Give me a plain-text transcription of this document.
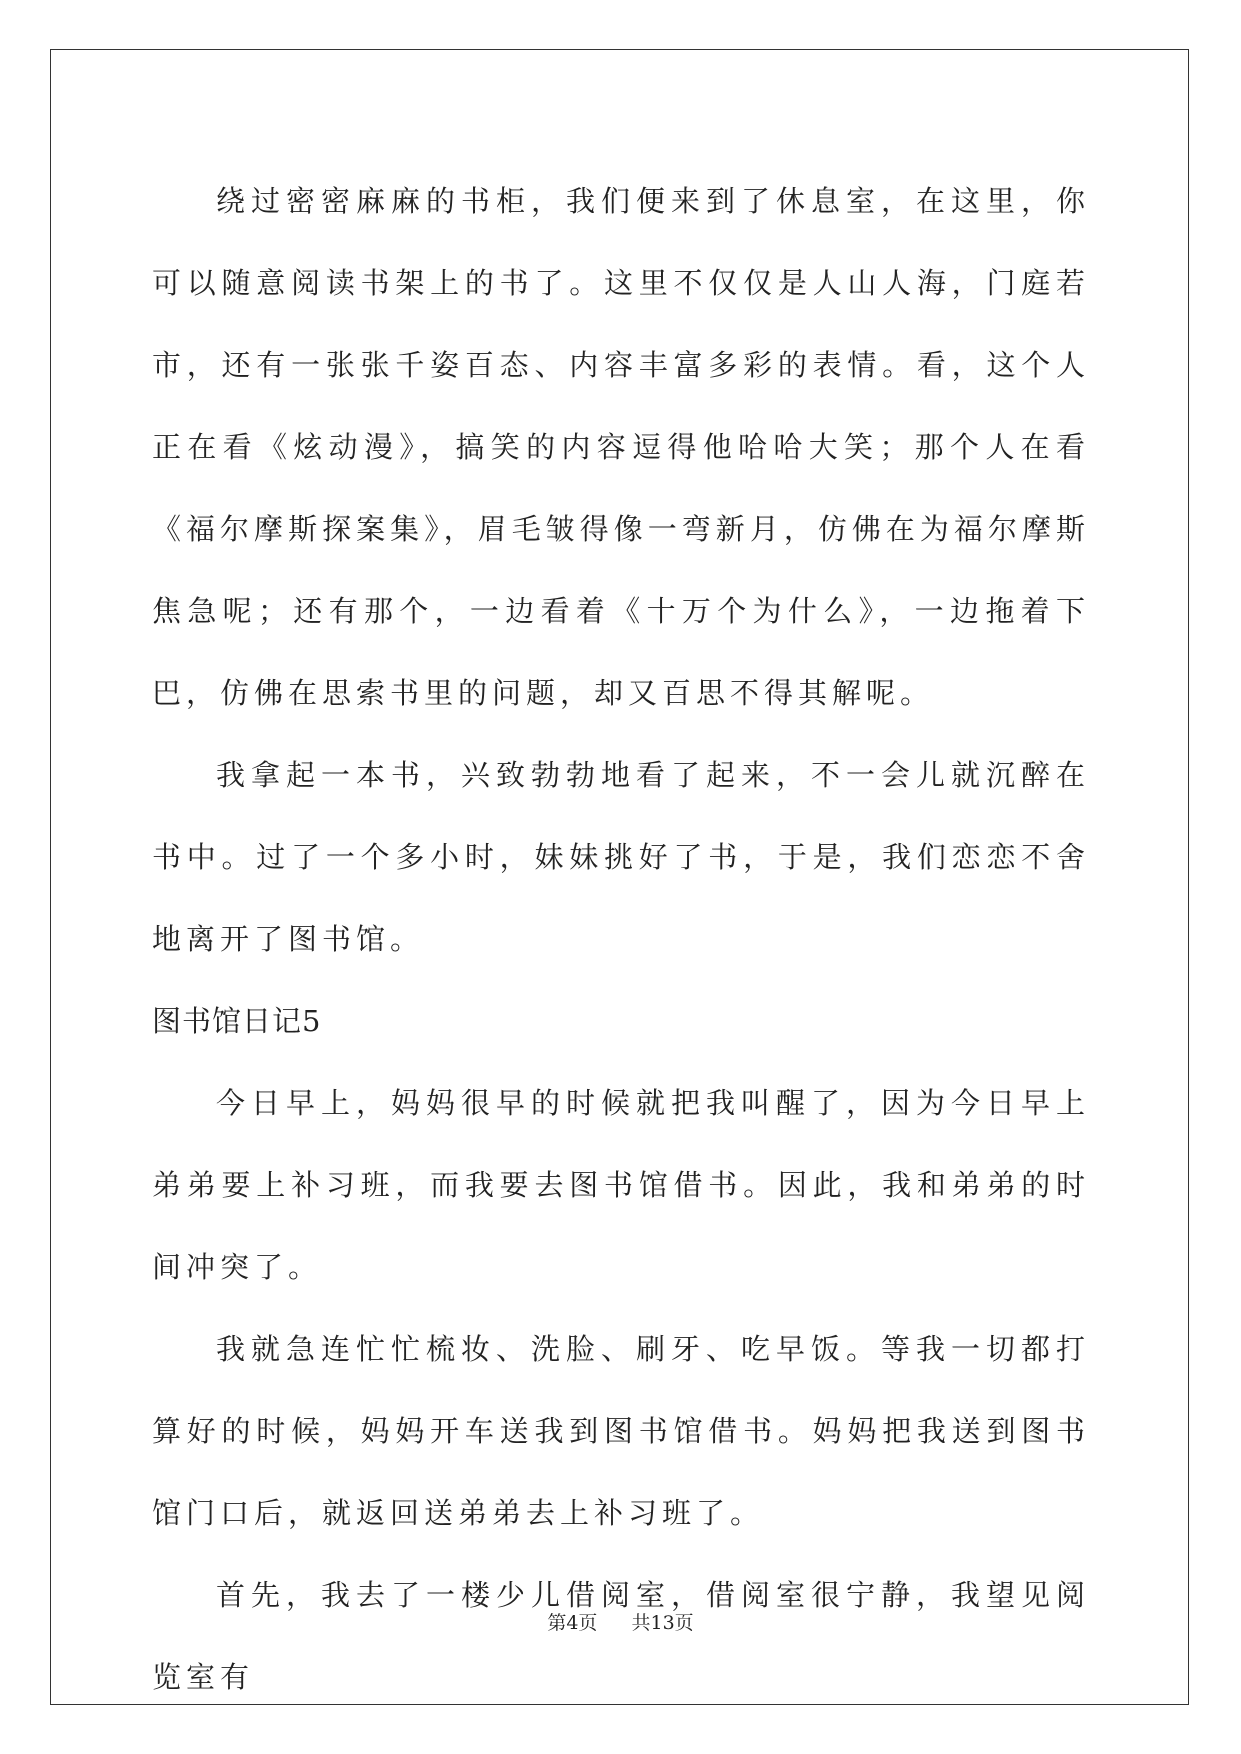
绕过密密麻麻的书柜，我们便来到了休息室，在这里，你可以随意阅读书架上的书了。这里不仅仅是人山人海，门庭若市，还有一张张千姿百态、内容丰富多彩的表情。看，这个人正在看《炫动漫》，搞笑的内容逗得他哈哈大笑；那个人在看《福尔摩斯探案集》，眉毛皱得像一弯新月，仿佛在为福尔摩斯焦急呢；还有那个，一边看着《十万个为什么》，一边拖着下巴，仿佛在思索书里的问题，却又百思不得其解呢。

我拿起一本书，兴致勃勃地看了起来，不一会儿就沉醉在书中。过了一个多小时，妹妹挑好了书，于是，我们恋恋不舍地离开了图书馆。

图书馆日记5

今日早上，妈妈很早的时候就把我叫醒了，因为今日早上弟弟要上补习班，而我要去图书馆借书。因此，我和弟弟的时间冲突了。

我就急连忙忙梳妆、洗脸、刷牙、吃早饭。等我一切都打算好的时候，妈妈开车送我到图书馆借书。妈妈把我送到图书馆门口后，就返回送弟弟去上补习班了。

首先，我去了一楼少儿借阅室，借阅室很宁静，我望见阅览室有

第4页 共13页
